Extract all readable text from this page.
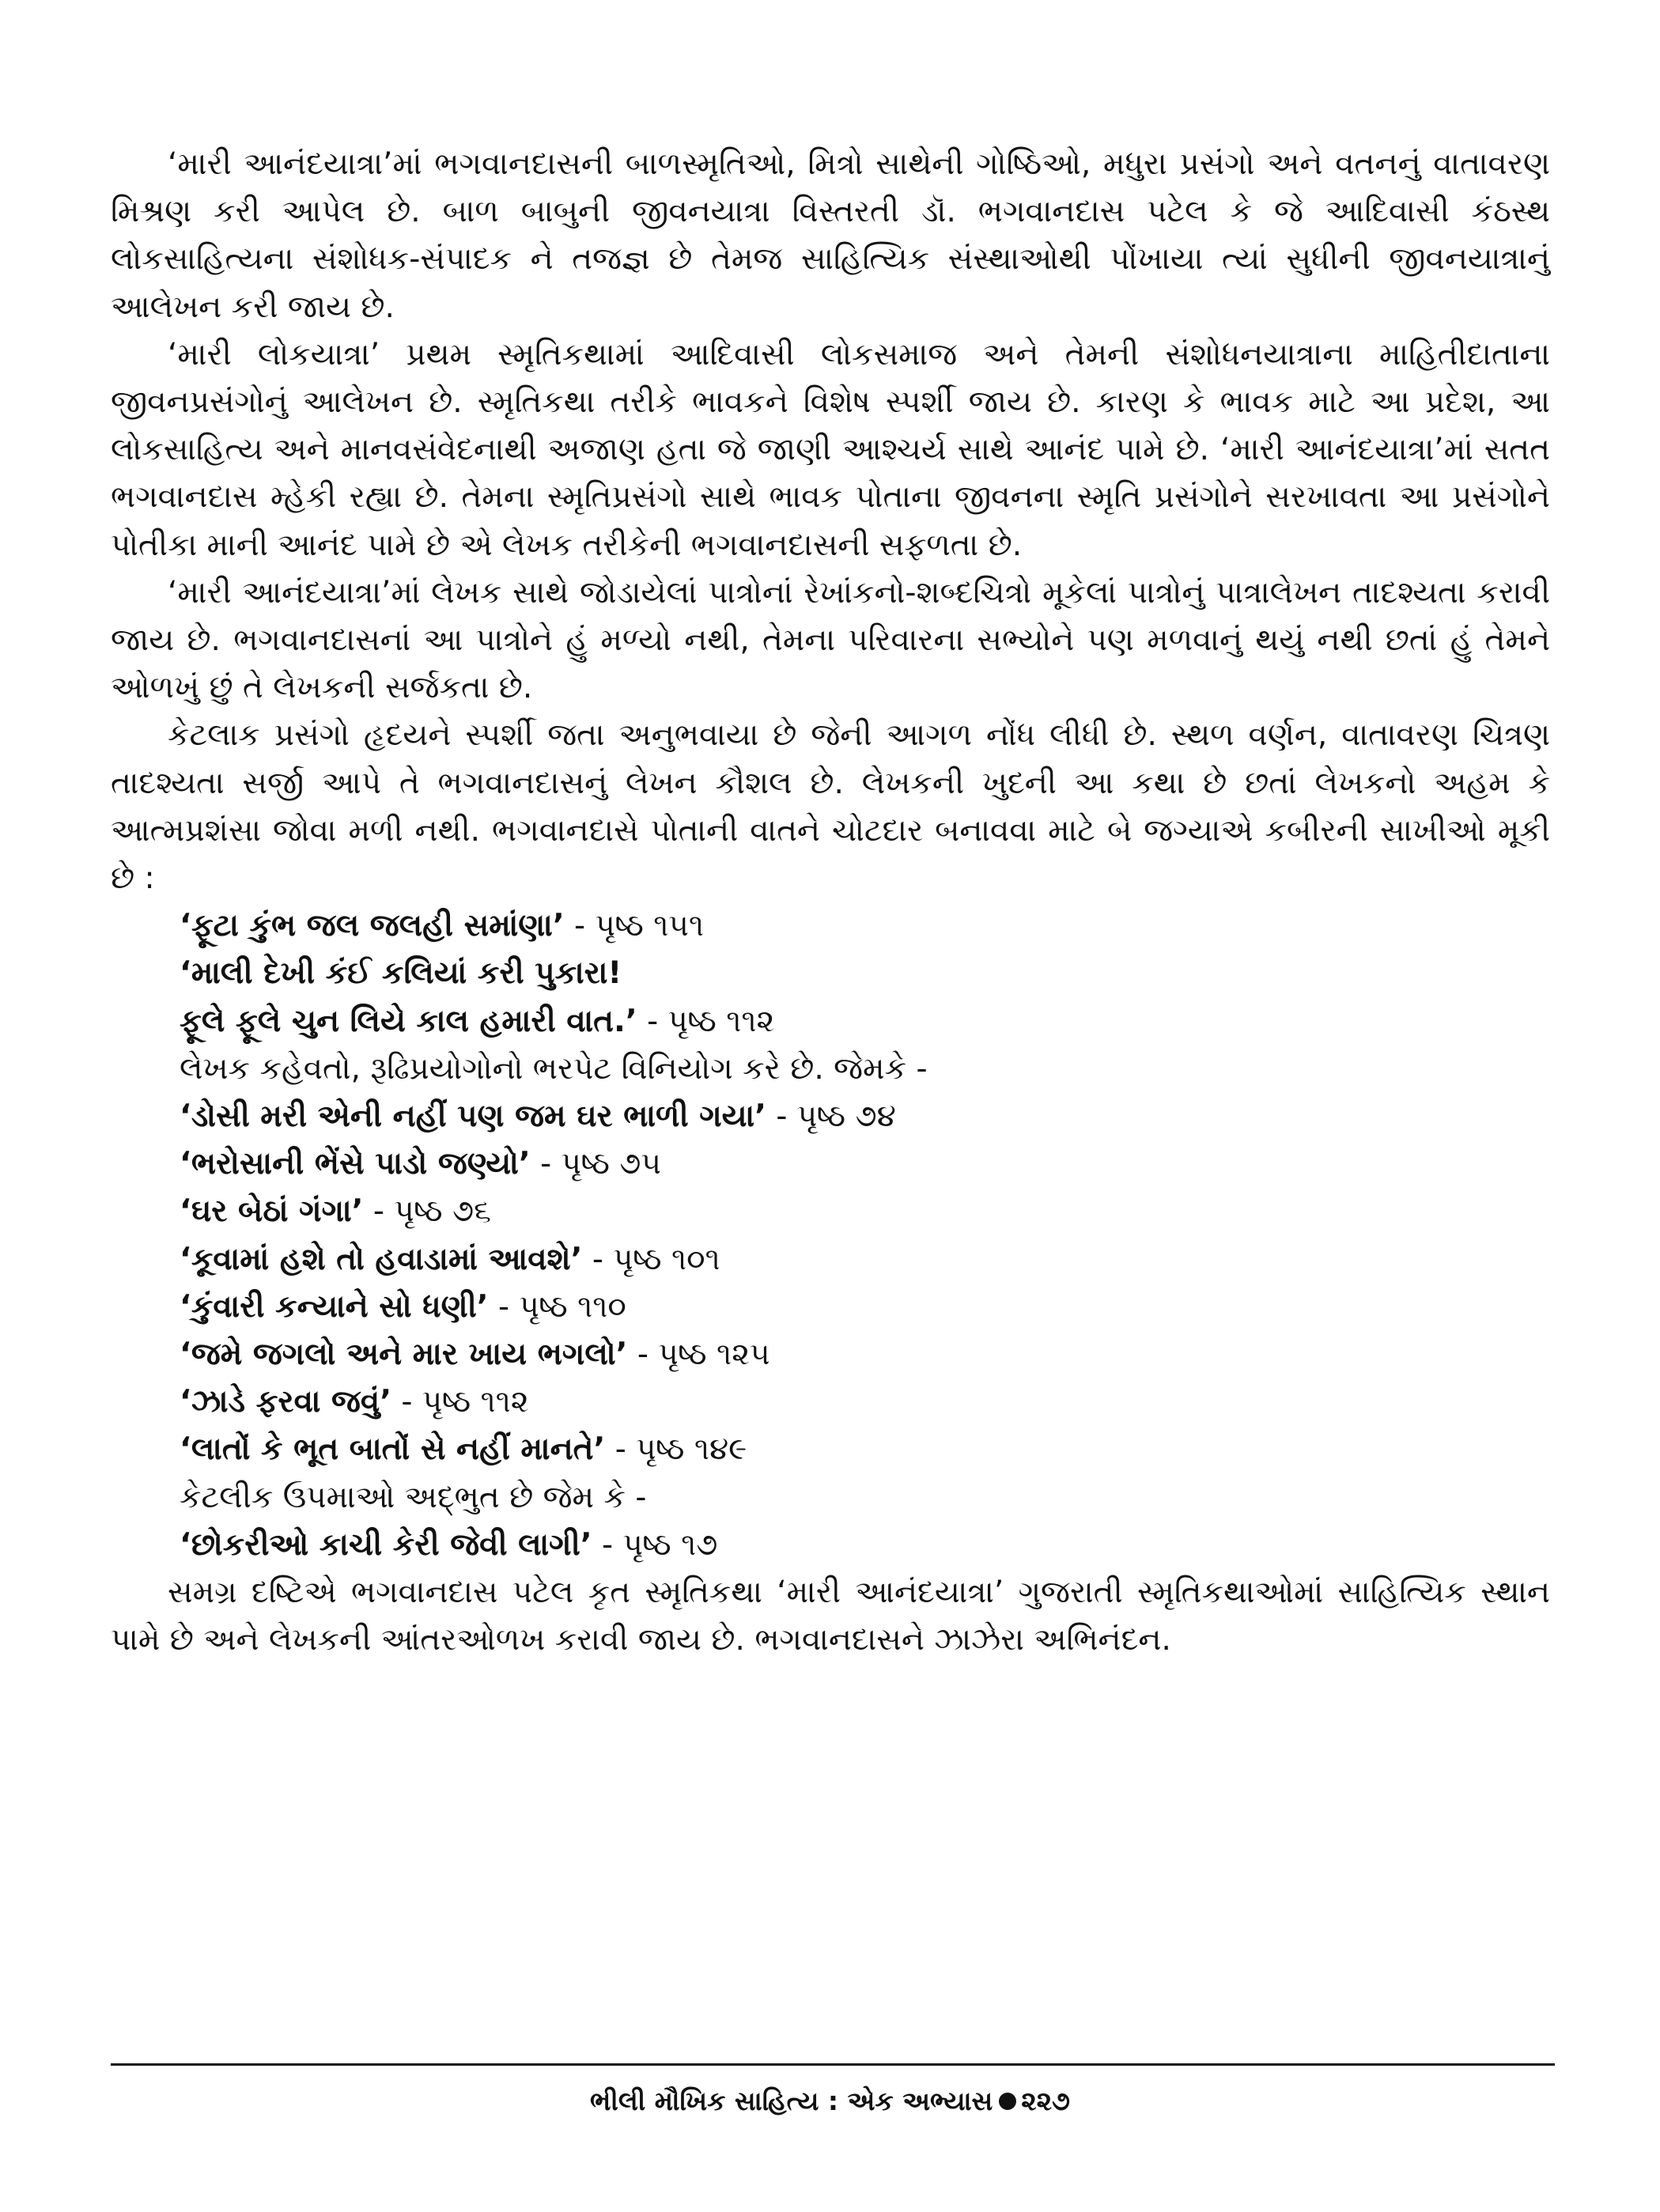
‘મારી આનંદયાત્રા’માં ભગવાનદાસની બાળસ્મૃતિઓ, મિત્રો સાથેની ગોષ્ઠિઓ, મધુરા પ્રસંગો અને વતનનું વાતાવરણ મિશ્રણ કરી આપેલ છે. બાળ બાબુની જીવનયાત્રા વિસ્તરતી ડૉ. ભગવાનદાસ પટેલ કે જે આદિવાસી કંઠસ્થ લોકસાહિત્યના સંશોધક-સંપાદક ને તજજ્ઞ છે તેમજ સાહિત્યિક સંસ્થાઓથી પોંખાયા ત્યાં સુધીની જીવનયાત્રાનું આલેખન કરી જાય છે.

‘મારી લોકયાત્રા’ પ્રથમ સ્મૃતિકથામાં આદિવાસી લોકસમાજ અને તેમની સંશોધનયાત્રાના માહિતીદાતાના જીવનપ્રસંગોનું આલેખન છે. સ્મૃતિકથા તરીકે ભાવકને વિશેષ સ્પર્શી જાય છે. કારણ કે ભાવક માટે આ પ્રદેશ, આ લોકસાહિત્ય અને માનવસંવેદનાથી અજાણ હતા જે જાણી આશ્ચર્ય સાથે આનંદ પામે છે. ‘મારી આનંદયાત્રા’માં સતત ભગવાનદાસ મ્હેકી રહ્યા છે. તેમના સ્મૃતિપ્રસંગો સાથે ભાવક પોતાના જીવનના સ્મૃતિ પ્રસંગોને સરખાવતા આ પ્રસંગોને પોતીકા માની આનંદ પામે છે એ લેખક તરીકેની ભગવાનદાસની સફળતા છે.

‘મારી આનંદયાત્રા’માં લેખક સાથે જોડાયેલાં પાત્રોનાં રેખાંકનો-શબ્દચિત્રો મૂકેલાં પાત્રોનું પાત્રાલેખન તાદશ્યતા કરાવી જાય છે. ભગવાનદાસનાં આ પાત્રોને હું મળ્યો નથી, તેમના પરિવારના સભ્યોને પણ મળવાનું થયું નથી છતાં હું તેમને ઓળખું છું તે લેખકની સર્જકતા છે.

કેટલાક પ્રસંગો હૃદયને સ્પર્શી જતા અનુભવાયા છે જેની આગળ નોંધ લીધી છે. સ્થળ વર્ણન, વાતાવરણ ચિત્રણ તાદશ્યતા સર્જી આપે તે ભગવાનદાસનું લેખન કૌશલ છે. લેખકની ખુદની આ કથા છે છતાં લેખકનો અહમ કે આત્મપ્રશંસા જોવા મળી નથી. ભગવાનદાસે પોતાની વાતને ચોટદાર બનાવવા માટે બે જગ્યાએ કબીરની સાખીઓ મૂકી છે :

‘ફૂટા કુંભ જલ જલહી સમાંણા’ - પૃષ્ઠ ૧૫૧
‘માલી દેખી કંઈ કલિયાં કરી પુકારા!
ફૂલે ફૂલે ચુન લિયે કાલ હમારી વાત.’ - પૃષ્ઠ ૧૧૨
લેખક કહેવતો, રૂઢિપ્રયોગોનો ભરપેટ વિનિયોગ કરે છે. જેમકે -
‘ડોસી મરી એની નહીં પણ જમ ઘર ભાળી ગયા’ - પૃષ્ઠ ૭૪
‘ભરોસાની ભેંસે પાડો જણ્યો’ - પૃષ્ઠ ૭૫
‘ઘર બેઠાં ગંગા’ - પૃષ્ઠ ૭૬
‘કૂવામાં હશે તો હવાડામાં આવશે’ - પૃષ્ઠ ૧૦૧
‘કુંવારી કન્યાને સો ધણી’ - પૃષ્ઠ ૧૧૦
‘જમે જગલો અને માર ખાય ભગલો’ - પૃષ્ઠ ૧૨૫
‘ઝાડે ફરવા જવું’ - પૃષ્ઠ ૧૧૨
‘લાતોં કે ભૂત બાતોં સે નહીં માનતે’ - પૃષ્ઠ ૧૪૯
કેટલીક ઉપમાઓ અદ્ભુત છે જેમ કે -
‘છોકરીઓ કાચી કેરી જેવી લાગી’ - પૃષ્ઠ ૧૭

સમગ્ર દષ્ટિએ ભગવાનદાસ પટેલ કૃત સ્મૃતિકથા ‘મારી આનંદયાત્રા’ ગુજરાતી સ્મૃતિકથાઓમાં સાહિત્યિક સ્થાન પામે છે અને લેખકની આંતરઓળખ કરાવી જાય છે. ભગવાનદાસને ઝાઝેરા અભિનંદન.

ભીલી મૌખિક સાહિત્ય : એક અભ્યાસ ૨૨૭
